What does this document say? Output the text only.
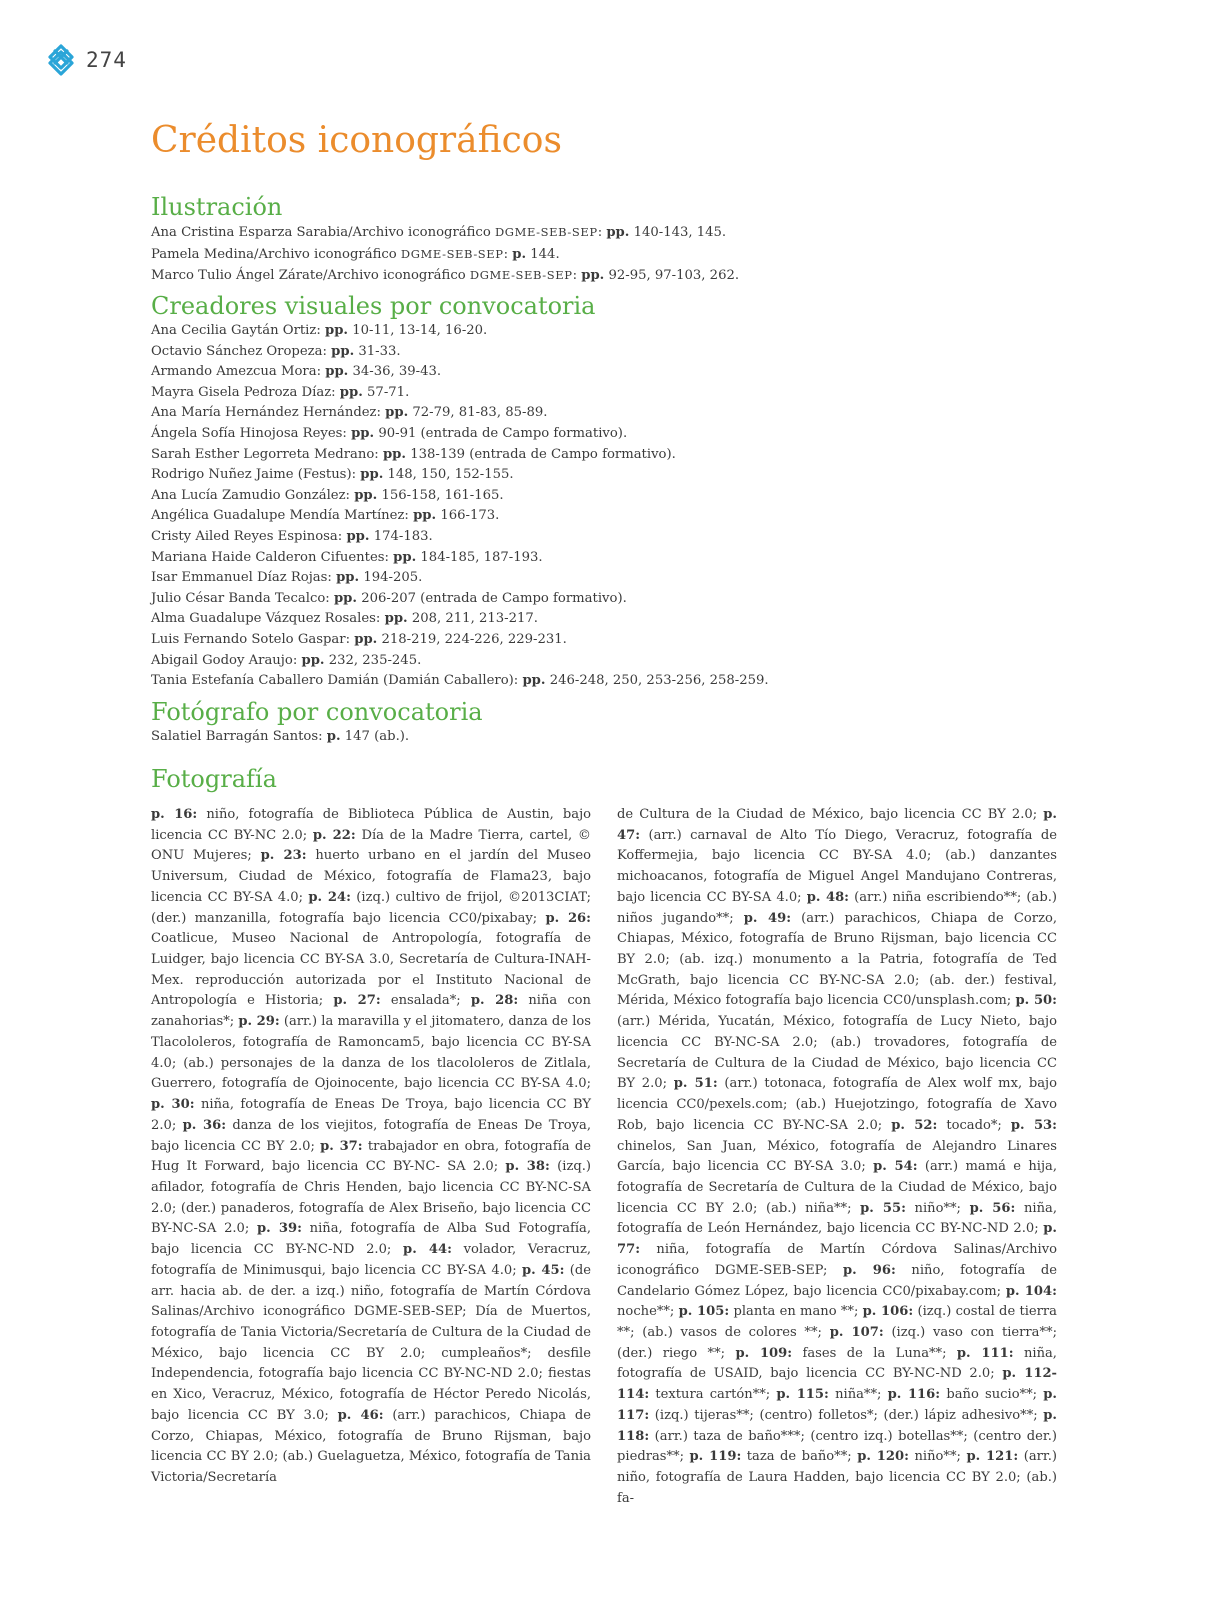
274
Créditos iconográficos
Ilustración
Ana Cristina Esparza Sarabia/Archivo iconográfico DGME-SEB-SEP: pp. 140-143, 145.
Pamela Medina/Archivo iconográfico DGME-SEB-SEP: p. 144.
Marco Tulio Ángel Zárate/Archivo iconográfico DGME-SEB-SEP: pp. 92-95, 97-103, 262.
Creadores visuales por convocatoria
Ana Cecilia Gaytán Ortiz: pp. 10-11, 13-14, 16-20.
Octavio Sánchez Oropeza: pp. 31-33.
Armando Amezcua Mora: pp. 34-36, 39-43.
Mayra Gisela Pedroza Díaz: pp. 57-71.
Ana María Hernández Hernández: pp. 72-79, 81-83, 85-89.
Ángela Sofía Hinojosa Reyes: pp. 90-91 (entrada de Campo formativo).
Sarah Esther Legorreta Medrano: pp. 138-139 (entrada de Campo formativo).
Rodrigo Nuñez Jaime (Festus): pp. 148, 150, 152-155.
Ana Lucía Zamudio González: pp. 156-158, 161-165.
Angélica Guadalupe Mendía Martínez: pp. 166-173.
Cristy Ailed Reyes Espinosa: pp. 174-183.
Mariana Haide Calderon Cifuentes: pp. 184-185, 187-193.
Isar Emmanuel Díaz Rojas: pp. 194-205.
Julio César Banda Tecalco: pp. 206-207 (entrada de Campo formativo).
Alma Guadalupe Vázquez Rosales: pp. 208, 211, 213-217.
Luis Fernando Sotelo Gaspar: pp. 218-219, 224-226, 229-231.
Abigail Godoy Araujo: pp. 232, 235-245.
Tania Estefanía Caballero Damián (Damián Caballero): pp. 246-248, 250, 253-256, 258-259.
Fotógrafo por convocatoria
Salatiel Barragán Santos: p. 147 (ab.).
Fotografía

p. 16: niño, fotografía de Biblioteca Pública de Austin, bajo licencia CC BY-NC 2.0; p. 22: Día de la Madre Tierra, cartel, © ONU Mujeres; p. 23: huerto urbano en el jardín del Museo Universum, Ciudad de México, fotografía de Flama23, bajo licencia CC BY-SA 4.0; p. 24: (izq.) cultivo de frijol, ©2013CIAT; (der.) manzanilla, fotografía bajo licencia CC0/pixabay; p. 26: Coatlicue, Museo Nacional de Antropología, fotografía de Luidger, bajo licencia CC BY-SA 3.0, Secretaría de Cultura-INAH-Mex. reproducción autorizada por el Instituto Nacional de Antropología e Historia; p. 27: ensalada*; p. 28: niña con zanahorias*; p. 29: (arr.) la maravilla y el jitomatero, danza de los Tlacololeros, fotografía de Ramoncam5, bajo licencia CC BY-SA 4.0; (ab.) personajes de la danza de los tlacololeros de Zitlala, Guerrero, fotografía de Ojoinocente, bajo licencia CC BY-SA 4.0; p. 30: niña, fotografía de Eneas De Troya, bajo licencia CC BY 2.0; p. 36: danza de los viejitos, fotografía de Eneas De Troya, bajo licencia CC BY 2.0; p. 37: trabajador en obra, fotografía de Hug It Forward, bajo licencia CC BY-NC- SA 2.0; p. 38: (izq.) afilador, fotografía de Chris Henden, bajo licencia CC BY-NC-SA 2.0; (der.) panaderos, fotografía de Alex Briseño, bajo licencia CC BY-NC-SA 2.0; p. 39: niña, fotografía de Alba Sud Fotografía, bajo licencia CC BY-NC-ND 2.0; p. 44: volador, Veracruz, fotografía de Minimusqui, bajo licencia CC BY-SA 4.0; p. 45: (de arr. hacia ab. de der. a izq.) niño, fotografía de Martín Córdova Salinas/Archivo iconográfico DGME-SEB-SEP; Día de Muertos, fotografía de Tania Victoria/Secretaría de Cultura de la Ciudad de México, bajo licencia CC BY 2.0; cumpleaños*; desfile Independencia, fotografía bajo licencia CC BY-NC-ND 2.0; fiestas en Xico, Veracruz, México, fotografía de Héctor Peredo Nicolás, bajo licencia CC BY 3.0; p. 46: (arr.) parachicos, Chiapa de Corzo, Chiapas, México, fotografía de Bruno Rijsman, bajo licencia CC BY 2.0; (ab.) Guelaguetza, México, fotografía de Tania Victoria/Secretaría

de Cultura de la Ciudad de México, bajo licencia CC BY 2.0; p. 47: (arr.) carnaval de Alto Tío Diego, Veracruz, fotografía de Koffermejia, bajo licencia CC BY-SA 4.0; (ab.) danzantes michoacanos, fotografía de Miguel Angel Mandujano Contreras, bajo licencia CC BY-SA 4.0; p. 48: (arr.) niña escribiendo**; (ab.) niños jugando**; p. 49: (arr.) parachicos, Chiapa de Corzo, Chiapas, México, fotografía de Bruno Rijsman, bajo licencia CC BY 2.0; (ab. izq.) monumento a la Patria, fotografía de Ted McGrath, bajo licencia CC BY-NC-SA 2.0; (ab. der.) festival, Mérida, México fotografía bajo licencia CC0/unsplash.com; p. 50: (arr.) Mérida, Yucatán, México, fotografía de Lucy Nieto, bajo licencia CC BY-NC-SA 2.0; (ab.) trovadores, fotografía de Secretaría de Cultura de la Ciudad de México, bajo licencia CC BY 2.0; p. 51: (arr.) totonaca, fotografía de Alex wolf mx, bajo licencia CC0/pexels.com; (ab.) Huejotzingo, fotografía de Xavo Rob, bajo licencia CC BY-NC-SA 2.0; p. 52: tocado*; p. 53: chinelos, San Juan, México, fotografía de Alejandro Linares García, bajo licencia CC BY-SA 3.0; p. 54: (arr.) mamá e hija, fotografía de Secretaría de Cultura de la Ciudad de México, bajo licencia CC BY 2.0; (ab.) niña**; p. 55: niño**; p. 56: niña, fotografía de León Hernández, bajo licencia CC BY-NC-ND 2.0; p. 77: niña, fotografía de Martín Córdova Salinas/Archivo iconográfico DGME-SEB-SEP; p. 96: niño, fotografía de Candelario Gómez López, bajo licencia CC0/pixabay.com; p. 104: noche**; p. 105: planta en mano **; p. 106: (izq.) costal de tierra **; (ab.) vasos de colores **; p. 107: (izq.) vaso con tierra**; (der.) riego **; p. 109: fases de la Luna**; p. 111: niña, fotografía de USAID, bajo licencia CC BY-NC-ND 2.0; p. 112-114: textura cartón**; p. 115: niña**; p. 116: baño sucio**; p. 117: (izq.) tijeras**; (centro) folletos*; (der.) lápiz adhesivo**; p. 118: (arr.) taza de baño***; (centro izq.) botellas**; (centro der.) piedras**; p. 119: taza de baño**; p. 120: niño**; p. 121: (arr.) niño, fotografía de Laura Hadden, bajo licencia CC BY 2.0; (ab.) fa-
